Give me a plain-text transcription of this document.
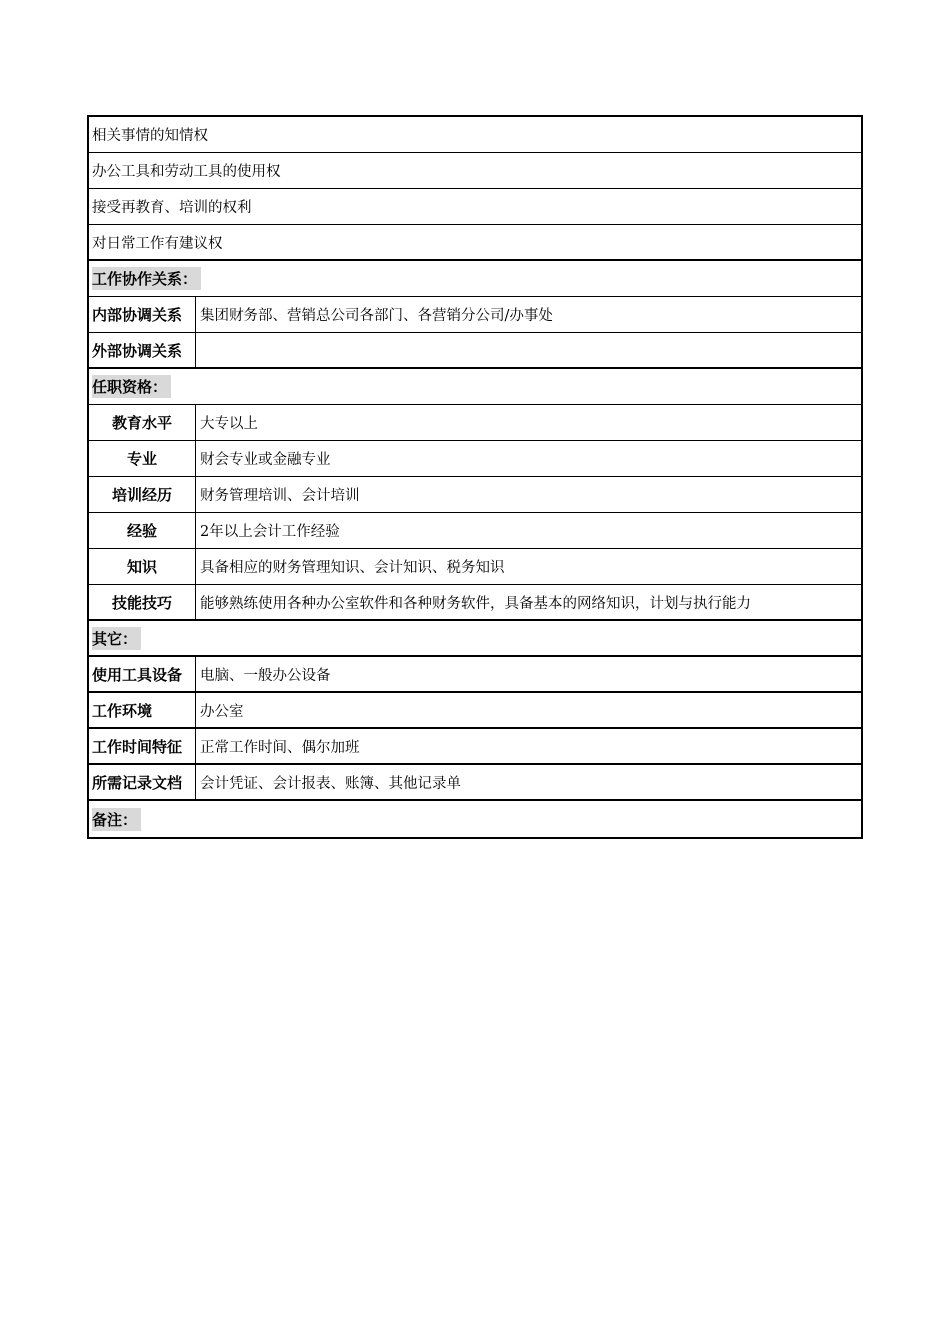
相关事情的知情权
办公工具和劳动工具的使用权
接受再教育、培训的权利
对日常工作有建议权
工作协作关系：
内部协调关系	集团财务部、营销总公司各部门、各营销分公司/办事处
外部协调关系
任职资格：
教育水平	大专以上
专业	财会专业或金融专业
培训经历	财务管理培训、会计培训
经验	2年以上会计工作经验
知识	具备相应的财务管理知识、会计知识、税务知识
技能技巧	能够熟练使用各种办公室软件和各种财务软件，具备基本的网络知识，计划与执行能力
其它：
使用工具设备	电脑、一般办公设备
工作环境	办公室
工作时间特征	正常工作时间、偶尔加班
所需记录文档	会计凭证、会计报表、账簿、其他记录单
备注：
